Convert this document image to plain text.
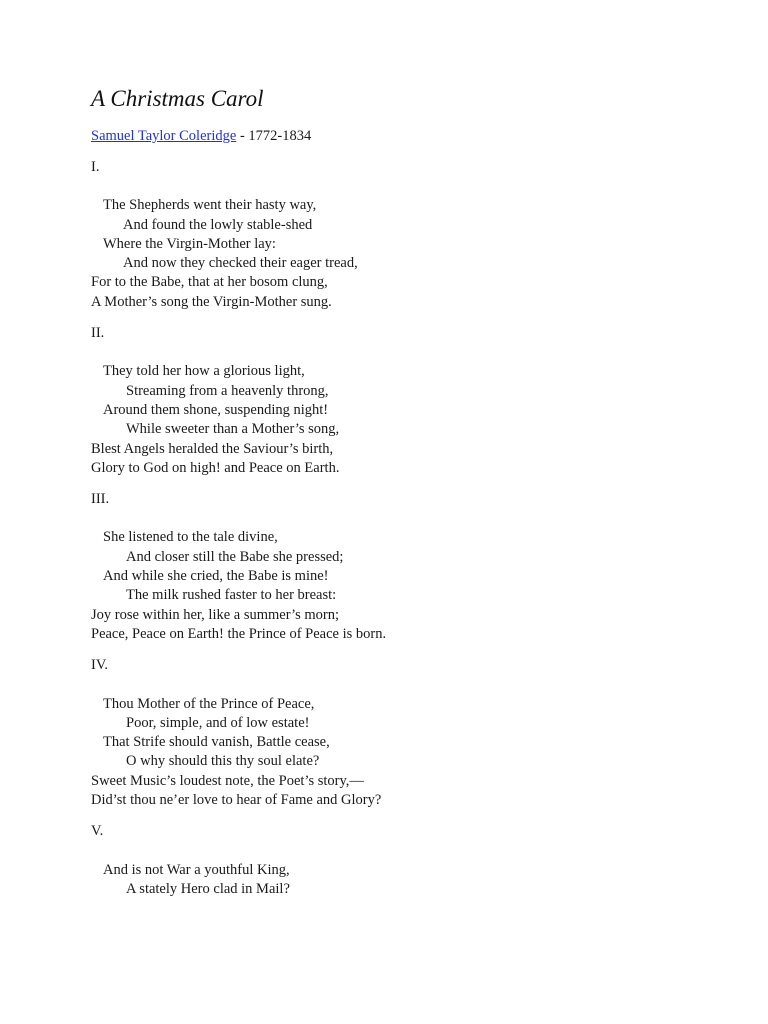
A Christmas Carol
Samuel Taylor Coleridge - 1772-1834
I.
The Shepherds went their hasty way,
And found the lowly stable-shed
Where the Virgin-Mother lay:
And now they checked their eager tread,
For to the Babe, that at her bosom clung,
A Mother’s song the Virgin-Mother sung.
II.
They told her how a glorious light,
Streaming from a heavenly throng,
Around them shone, suspending night!
While sweeter than a Mother’s song,
Blest Angels heralded the Saviour’s birth,
Glory to God on high! and Peace on Earth.
III.
She listened to the tale divine,
And closer still the Babe she pressed;
And while she cried, the Babe is mine!
The milk rushed faster to her breast:
Joy rose within her, like a summer’s morn;
Peace, Peace on Earth! the Prince of Peace is born.
IV.
Thou Mother of the Prince of Peace,
Poor, simple, and of low estate!
That Strife should vanish, Battle cease,
O why should this thy soul elate?
Sweet Music’s loudest note, the Poet’s story,—
Did’st thou ne’er love to hear of Fame and Glory?
V.
And is not War a youthful King,
A stately Hero clad in Mail?
